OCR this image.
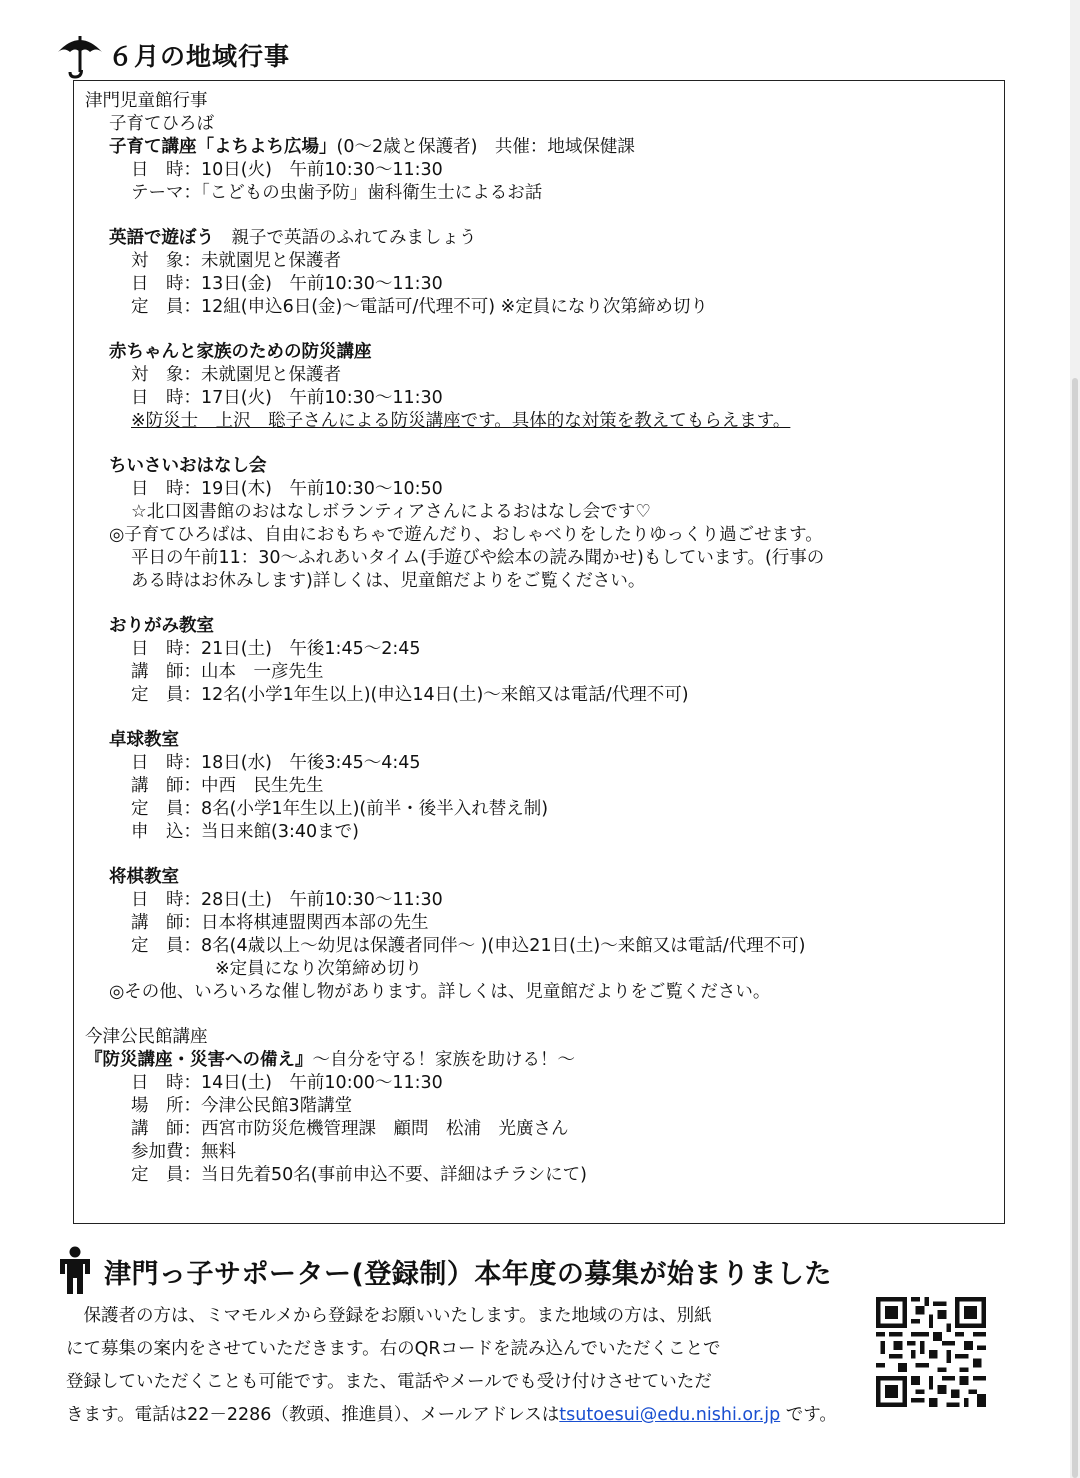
６月の地域行事
津門児童館行事
子育てひろば
子育て講座「よちよち広場」(0～2歳と保護者)　共催：地域保健課
日　時：10日(火)　午前10:30～11:30
テーマ：「こどもの虫歯予防」歯科衛生士によるお話
英語で遊ぼう　親子で英語のふれてみましょう
対　象：未就園児と保護者
日　時：13日(金)　午前10:30～11:30
定　員：12組(申込6日(金)～電話可/代理不可) ※定員になり次第締め切り
赤ちゃんと家族のための防災講座
対　象：未就園児と保護者
日　時：17日(火)　午前10:30～11:30
※防災士　上沢　聡子さんによる防災講座です。具体的な対策を教えてもらえます。
ちいさいおはなし会
日　時：19日(木)　午前10:30～10:50
☆北口図書館のおはなしボランティアさんによるおはなし会です♡
◎子育てひろばは、自由におもちゃで遊んだり、おしゃべりをしたりゆっくり過ごせます。
平日の午前11：30～ふれあいタイム(手遊びや絵本の読み聞かせ)もしています。(行事の
ある時はお休みします)詳しくは、児童館だよりをご覧ください。
おりがみ教室
日　時：21日(土)　午後1:45～2:45
講　師：山本　一彦先生
定　員：12名(小学1年生以上)(申込14日(土)～来館又は電話/代理不可)
卓球教室
日　時：18日(水)　午後3:45～4:45
講　師：中西　民生先生
定　員：8名(小学1年生以上)(前半・後半入れ替え制)
申　込：当日来館(3:40まで)
将棋教室
日　時：28日(土)　午前10:30～11:30
講　師：日本将棋連盟関西本部の先生
定　員：8名(4歳以上～幼児は保護者同伴～ )(申込21日(土)～来館又は電話/代理不可)
※定員になり次第締め切り
◎その他、いろいろな催し物があります。詳しくは、児童館だよりをご覧ください。
今津公民館講座
『防災講座・災害への備え』～自分を守る！家族を助ける！～
日　時：14日(土)　午前10:00～11:30
場　所：今津公民館3階講堂
講　師：西宮市防災危機管理課　顧問　松浦　光廣さん
参加費：無料
定　員：当日先着50名(事前申込不要、詳細はチラシにて)
津門っ子サポーター(登録制）本年度の募集が始まりました
　保護者の方は、ミマモルメから登録をお願いいたします。また地域の方は、別紙
にて募集の案内をさせていただきます。右のQRコードを読み込んでいただくことで
登録していただくことも可能です。また、電話やメールでも受け付けさせていただ
きます。電話は22－2286（教頭、推進員）、メールアドレスはtsutoesui@edu.nishi.or.jp です。
